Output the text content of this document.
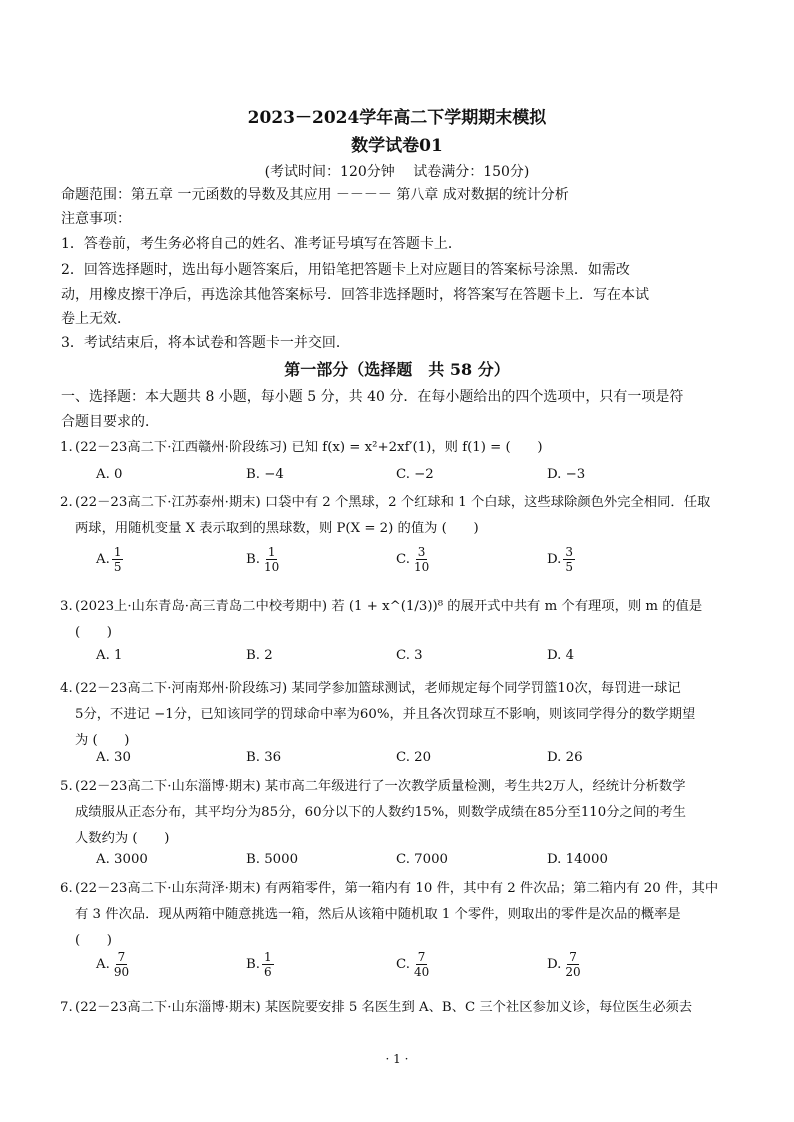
2023－2024学年高二下学期期末模拟
数学试卷01
(考试时间：120分钟　 试卷满分：150分)
命题范围：第五章 一元函数的导数及其应用 －－－－ 第八章 成对数据的统计分析
注意事项：
1．答卷前，考生务必将自己的姓名、准考证号填写在答题卡上．
2．回答选择题时，选出每小题答案后，用铅笔把答题卡上对应题目的答案标号涂黑．如需改
动，用橡皮擦干净后，再选涂其他答案标号．回答非选择题时，将答案写在答题卡上．写在本试
卷上无效．
3．考试结束后，将本试卷和答题卡一并交回．
第一部分（选择题　共 58 分）
一、选择题：本大题共 8 小题，每小题 5 分，共 40 分．在每小题给出的四个选项中，只有一项是符
合题目要求的．
1. (22－23高二下·江西赣州·阶段练习) 已知 f(x) = x²+2xf′(1)，则 f(1) = (　　)
A. 0	B. −4	C. −2	D. −3
2. (22－23高二下·江苏泰州·期末) 口袋中有 2 个黑球，2 个红球和 1 个白球，这些球除颜色外完全相同．任取
两球，用随机变量 X 表示取到的黑球数，则 P(X = 2) 的值为 (　　)
A. $\frac{1}{5}$	B. $\frac{1}{10}$	C. $\frac{3}{10}$	D. $\frac{3}{5}$
3. (2023上·山东青岛·高三青岛二中校考期中) 若 (1 + x^(1/3))⁸ 的展开式中共有 m 个有理项，则 m 的值是
(　　)
A. 1	B. 2	C. 3	D. 4
4. (22－23高二下·河南郑州·阶段练习) 某同学参加篮球测试，老师规定每个同学罚篮10次，每罚进一球记
5分，不进记 −1分，已知该同学的罚球命中率为60%，并且各次罚球互不影响，则该同学得分的数学期望
为 (　　)
A. 30	B. 36	C. 20	D. 26
5. (22－23高二下·山东淄博·期末) 某市高二年级进行了一次教学质量检测，考生共2万人，经统计分析数学
成绩服从正态分布，其平均分为85分，60分以下的人数约15%，则数学成绩在85分至110分之间的考生
人数约为 (　　)
A. 3000	B. 5000	C. 7000	D. 14000
6. (22－23高二下·山东菏泽·期末) 有两箱零件，第一箱内有 10 件，其中有 2 件次品；第二箱内有 20 件，其中
有 3 件次品．现从两箱中随意挑选一箱，然后从该箱中随机取 1 个零件，则取出的零件是次品的概率是
(　　)
A. $\frac{7}{90}$	B. $\frac{1}{6}$	C. $\frac{7}{40}$	D. $\frac{7}{20}$
7. (22－23高二下·山东淄博·期末) 某医院要安排 5 名医生到 A、B、C 三个社区参加义诊，每位医生必须去
· 1 ·
